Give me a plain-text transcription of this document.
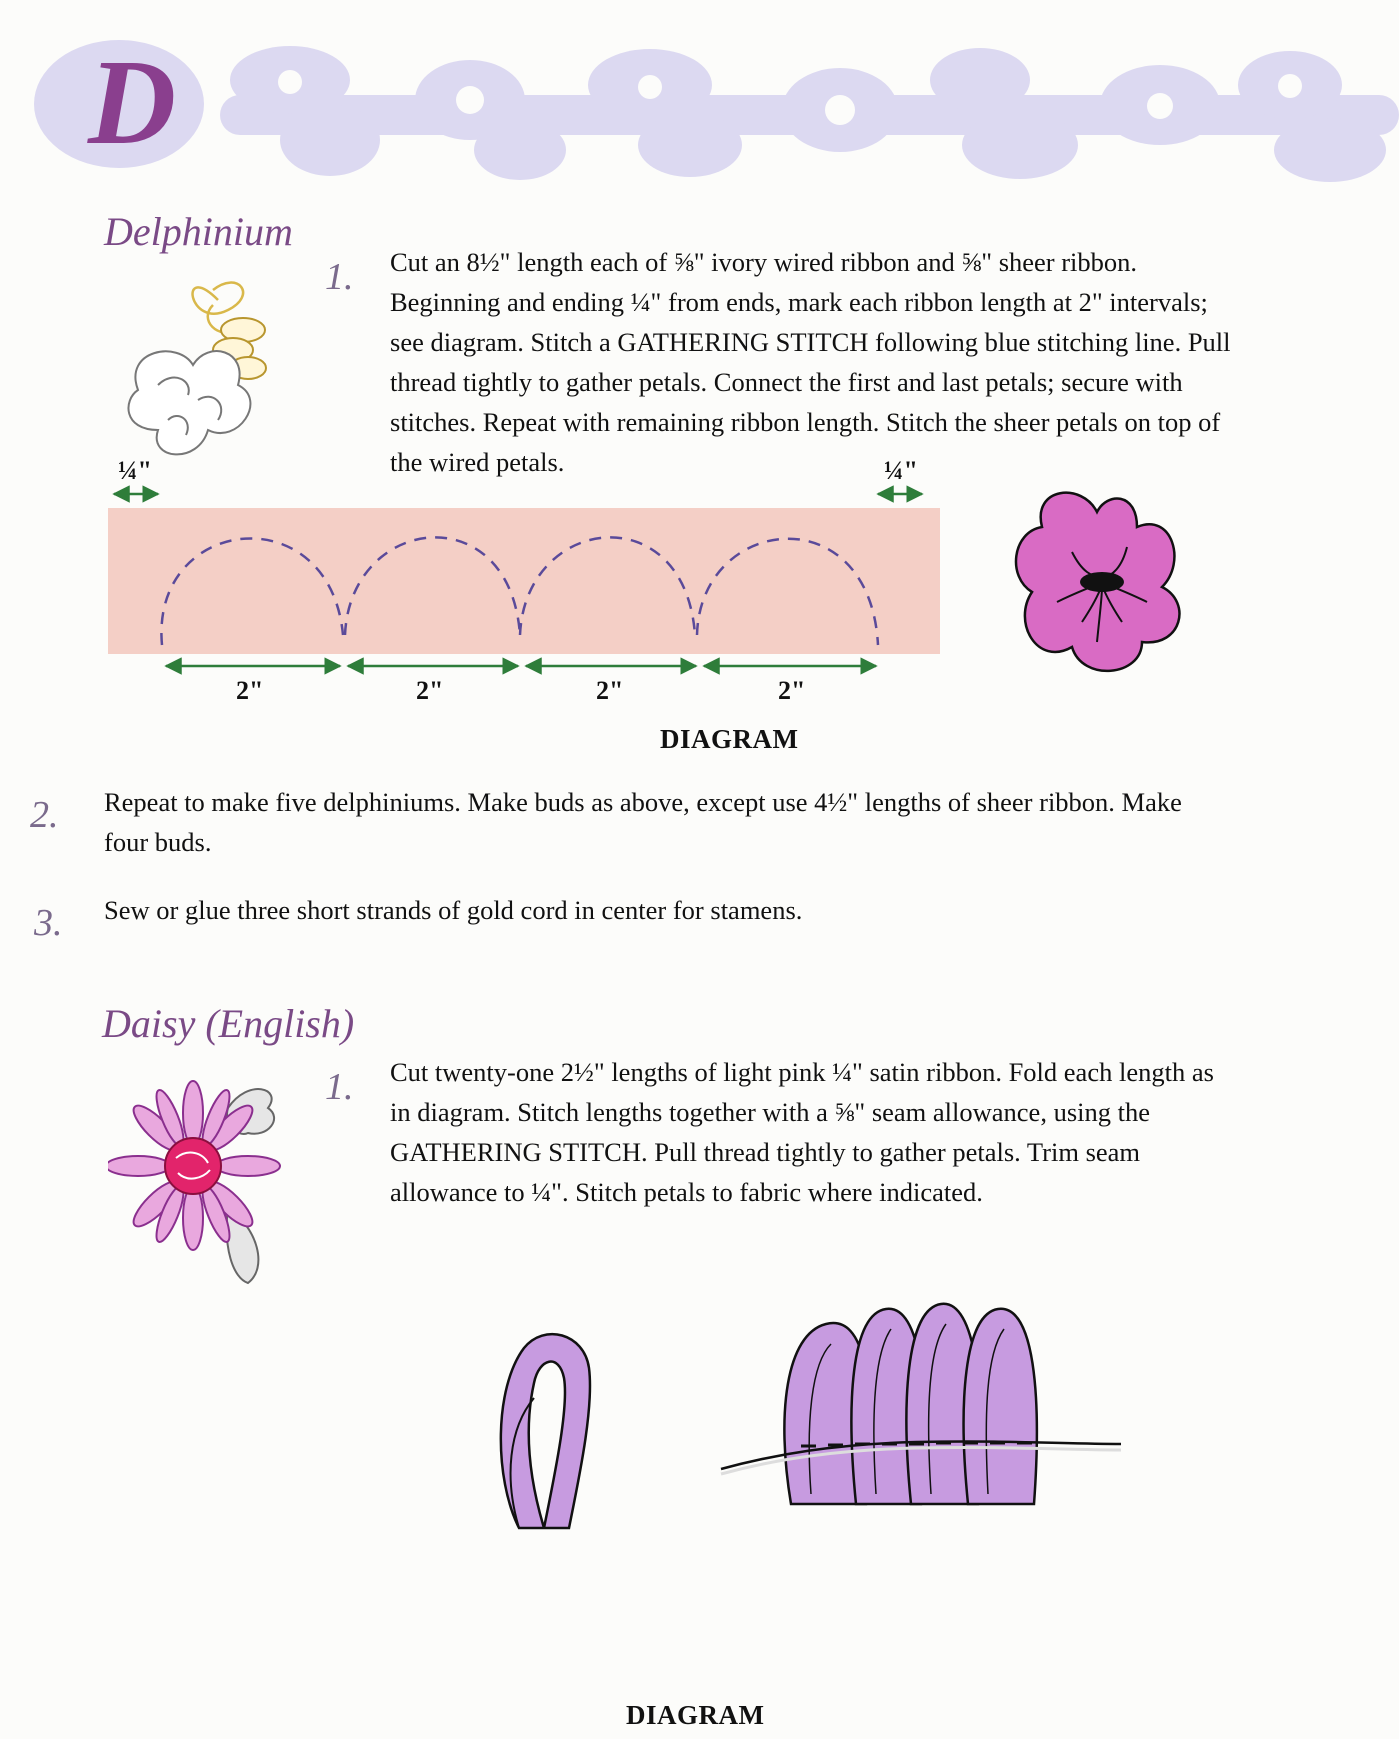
D
Delphinium
1. Cut an 8½" length each of ⅝" ivory wired ribbon and ⅝" sheer ribbon. Beginning and ending ¼" from ends, mark each ribbon length at 2" intervals; see diagram. Stitch a GATHERING STITCH following blue stitching line. Pull thread tightly to gather petals. Connect the first and last petals; secure with stitches. Repeat with remaining ribbon length. Stitch the sheer petals on top of the wired petals.
¼"	¼"
2"	2"	2"	2"
DIAGRAM
2. Repeat to make five delphiniums. Make buds as above, except use 4½" lengths of sheer ribbon. Make four buds.
3. Sew or glue three short strands of gold cord in center for stamens.
Daisy (English)
1. Cut twenty-one 2½" lengths of light pink ¼" satin ribbon. Fold each length as in diagram. Stitch lengths together with a ⅝" seam allowance, using the GATHERING STITCH. Pull thread tightly to gather petals. Trim seam allowance to ¼". Stitch petals to fabric where indicated.
DIAGRAM
